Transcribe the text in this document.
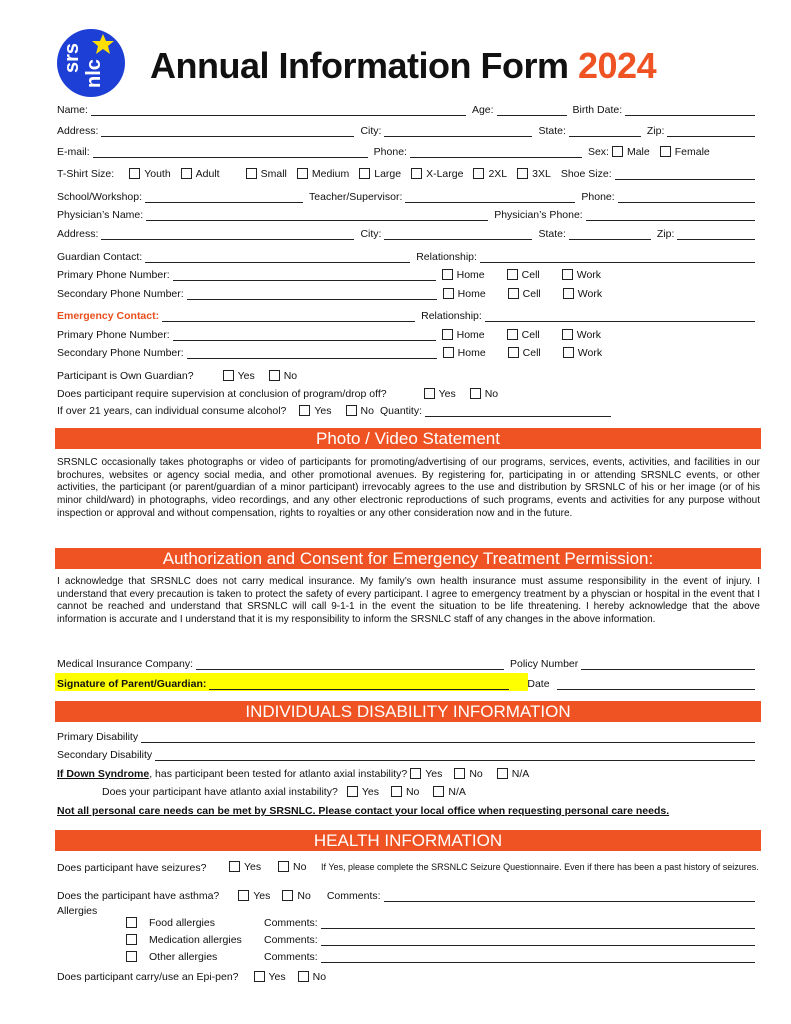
srs
nlc Annual Information Form 2024
Name:	Age:	Birth Date:
Address:	City:	State:	Zip:
E-mail:	Phone:	Sex: Male Female
T-Shirt Size:	Youth Adult	Small Medium Large X-Large 2XL 3XL Shoe Size:
School/Workshop:	Teacher/Supervisor:	Phone:
Physician’s Name:	Physician’s Phone:
Address:	City:	State:	Zip:
Guardian Contact:	Relationship:
Primary Phone Number:	Home	Cell	Work
Secondary Phone Number:	Home	Cell	Work
Emergency Contact:	Relationship:
Primary Phone Number:	Home	Cell	Work
Secondary Phone Number:	Home	Cell	Work
Participant is Own Guardian?	Yes	No
Does participant require supervision at conclusion of program/drop off?	Yes	No
If over 21 years, can individual consume alcohol?	Yes	No Quantity:
Photo / Video Statement
SRSNLC occasionally takes photographs or video of participants for promoting/advertising of our programs, services, events, activities, and facilities in our brochures, websites or agency social media, and other promotional avenues. By registering for, participating in or attending SRSNLC events, or other activities, the participant (or parent/guardian of a minor participant) irrevocably agrees to the use and distribution by SRSNLC of his or her image (or of his minor child/ward) in photographs, video recordings, and any other electronic reproductions of such programs, events and activities for any purpose without inspection or approval and without compensation, rights to royalties or any other consideration now and in the future.
Authorization and Consent for Emergency Treatment Permission:
I acknowledge that SRSNLC does not carry medical insurance. My family’s own health insurance must assume responsibility in the event of injury. I understand that every precaution is taken to protect the safety of every participant. I agree to emergency treatment by a physcian or hospital in the event that I cannot be reached and understand that SRSNLC will call 9-1-1 in the event the situation to be life threatening. I hereby acknowledge that the above information is accurate and I understand that it is my responsibility to inform the SRSNLC staff of any changes in the above information.
Medical Insurance Company:	Policy Number
Signature of Parent/Guardian:	Date
INDIVIDUALS DISABILITY INFORMATION
Primary Disability
Secondary Disability
If Down Syndrome, has participant been tested for atlanto axial instability? Yes	No	N/A
Does your participant have atlanto axial instability? Yes	No	N/A
Not all personal care needs can be met by SRSNLC. Please contact your local office when requesting personal care needs.
HEALTH INFORMATION
Does participant have seizures?	Yes	No If Yes, please complete the SRSNLC Seizure Questionnaire. Even if there has been a past history of seizures.
Does the participant have asthma?	Yes	No Comments:
Allergies
Food allergies	Comments:
Medication allergies	Comments:
Other allergies	Comments:
Does participant carry/use an Epi-pen?	Yes	No
